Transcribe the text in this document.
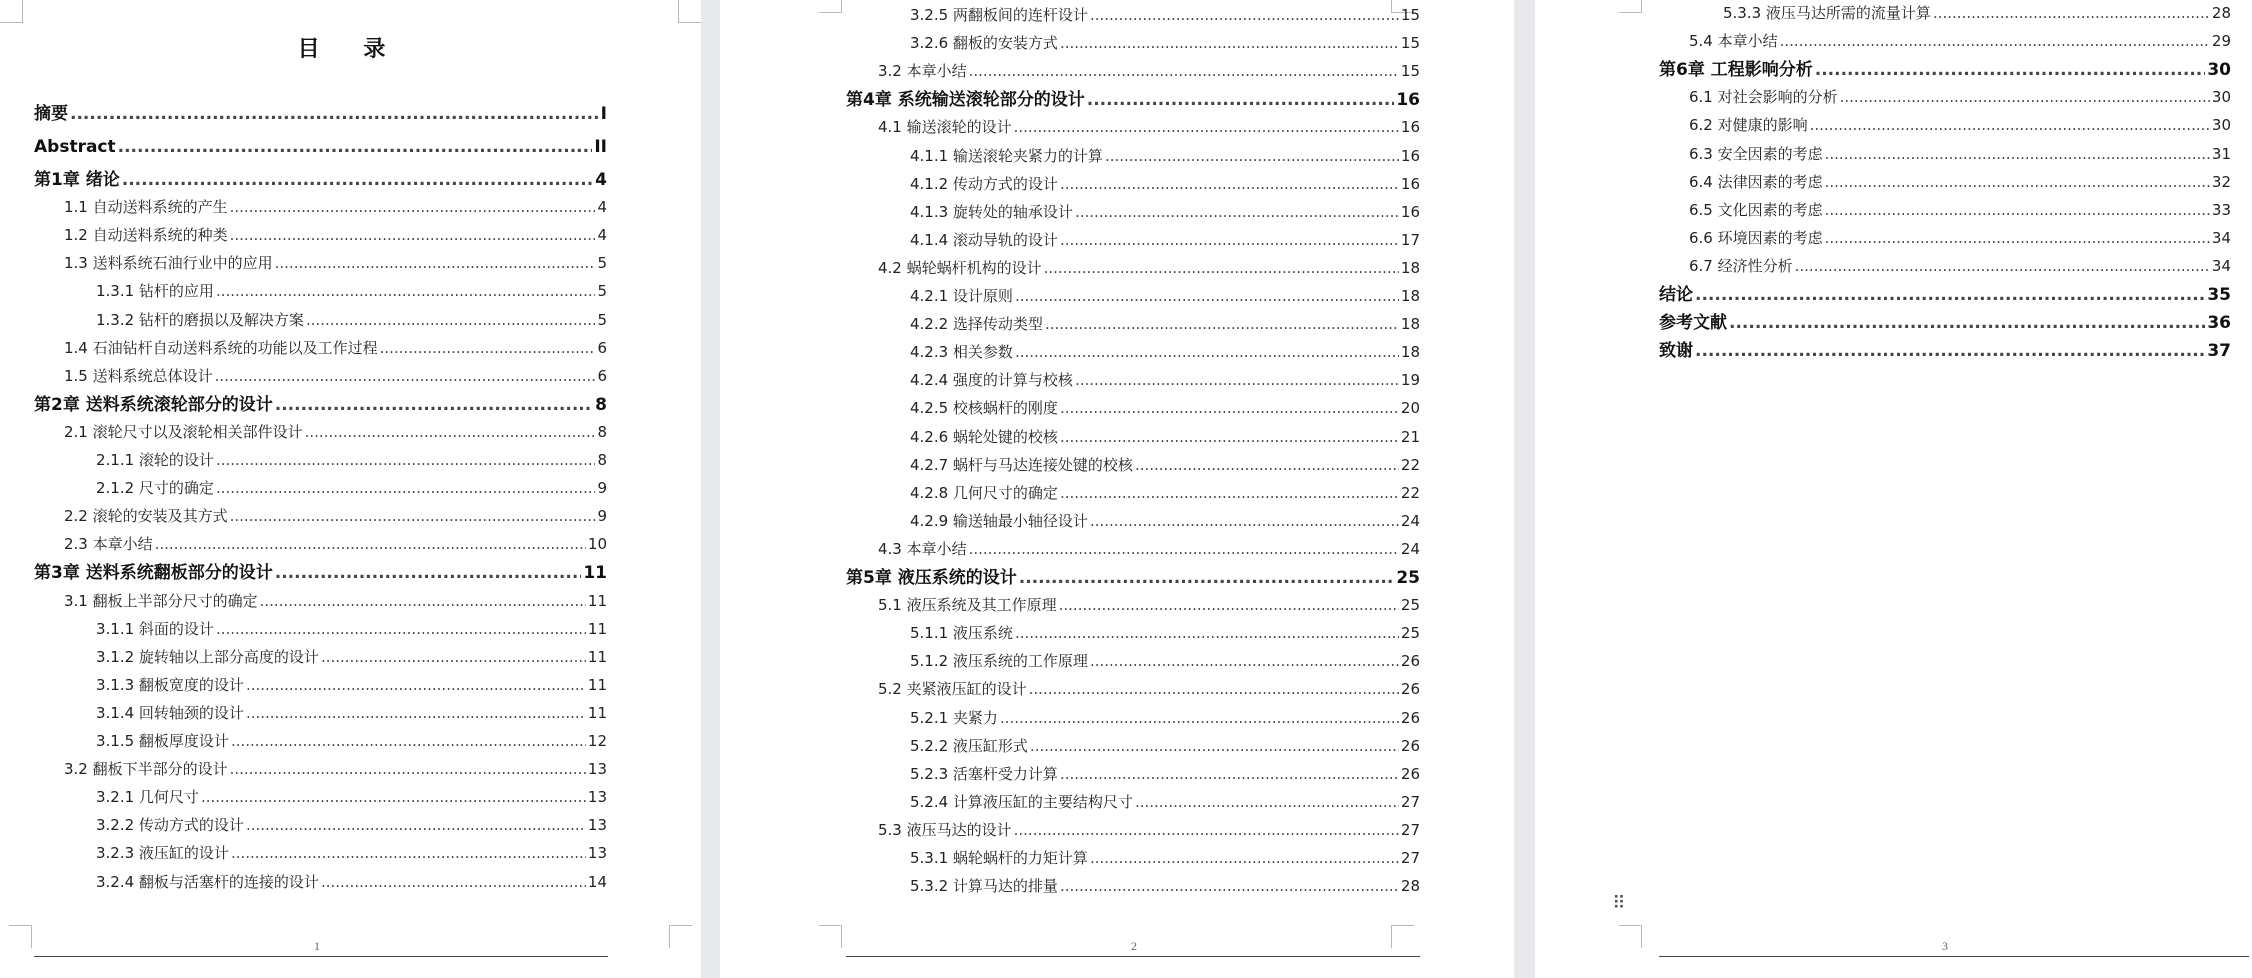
目 录
1
摘要 .....	I
Abstract .....	II
第1章 绪论 .....	4
1.1 自动送料系统的产生 .....	4
1.2 自动送料系统的种类 .....	4
1.3 送料系统石油行业中的应用 .....	5
1.3.1 钻杆的应用 .....	5
1.3.2 钻杆的磨损以及解决方案 .....	5
1.4 石油钻杆自动送料系统的功能以及工作过程 .....	6
1.5 送料系统总体设计 .....	6
第2章 送料系统滚轮部分的设计 .....	8
2.1 滚轮尺寸以及滚轮相关部件设计 .....	8
2.1.1 滚轮的设计 .....	8
2.1.2 尺寸的确定 .....	9
2.2 滚轮的安装及其方式 .....	9
2.3 本章小结 .....	10
第3章 送料系统翻板部分的设计 .....	11
3.1 翻板上半部分尺寸的确定 .....	11
3.1.1 斜面的设计 .....	11
3.1.2 旋转轴以上部分高度的设计 .....	11
3.1.3 翻板宽度的设计 .....	11
3.1.4 回转轴颈的设计 .....	11
3.1.5 翻板厚度设计 .....	12
3.2 翻板下半部分的设计 .....	13
3.2.1 几何尺寸 .....	13
3.2.2 传动方式的设计 .....	13
3.2.3 液压缸的设计 .....	13
3.2.4 翻板与活塞杆的连接的设计 .....	14
2
3.2.5 两翻板间的连杆设计 .....	15
3.2.6 翻板的安装方式 .....	15
3.2 本章小结 .....	15
第4章 系统输送滚轮部分的设计 .....	16
4.1 输送滚轮的设计 .....	16
4.1.1 输送滚轮夹紧力的计算 .....	16
4.1.2 传动方式的设计 .....	16
4.1.3 旋转处的轴承设计 .....	16
4.1.4 滚动导轨的设计 .....	17
4.2 蜗轮蜗杆机构的设计 .....	18
4.2.1 设计原则 .....	18
4.2.2 选择传动类型 .....	18
4.2.3 相关参数 .....	18
4.2.4 强度的计算与校核 .....	19
4.2.5 校核蜗杆的刚度 .....	20
4.2.6 蜗轮处键的校核 .....	21
4.2.7 蜗杆与马达连接处键的校核 .....	22
4.2.8 几何尺寸的确定 .....	22
4.2.9 输送轴最小轴径设计 .....	24
4.3 本章小结 .....	24
第5章 液压系统的设计 .....	25
5.1 液压系统及其工作原理 .....	25
5.1.1 液压系统 .....	25
5.1.2 液压系统的工作原理 .....	26
5.2 夹紧液压缸的设计 .....	26
5.2.1 夹紧力 .....	26
5.2.2 液压缸形式 .....	26
5.2.3 活塞杆受力计算 .....	26
5.2.4 计算液压缸的主要结构尺寸 .....	27
5.3 液压马达的设计 .....	27
5.3.1 蜗轮蜗杆的力矩计算 .....	27
5.3.2 计算马达的排量 .....	28
3
5.3.3 液压马达所需的流量计算 .....	28
5.4 本章小结 .....	29
第6章 工程影响分析 .....	30
6.1 对社会影响的分析 .....	30
6.2 对健康的影响 .....	30
6.3 安全因素的考虑 .....	31
6.4 法律因素的考虑 .....	32
6.5 文化因素的考虑 .....	33
6.6 环境因素的考虑 .....	34
6.7 经济性分析 .....	34
结论 .....	35
参考文献 .....	36
致谢 .....	37
⠿
